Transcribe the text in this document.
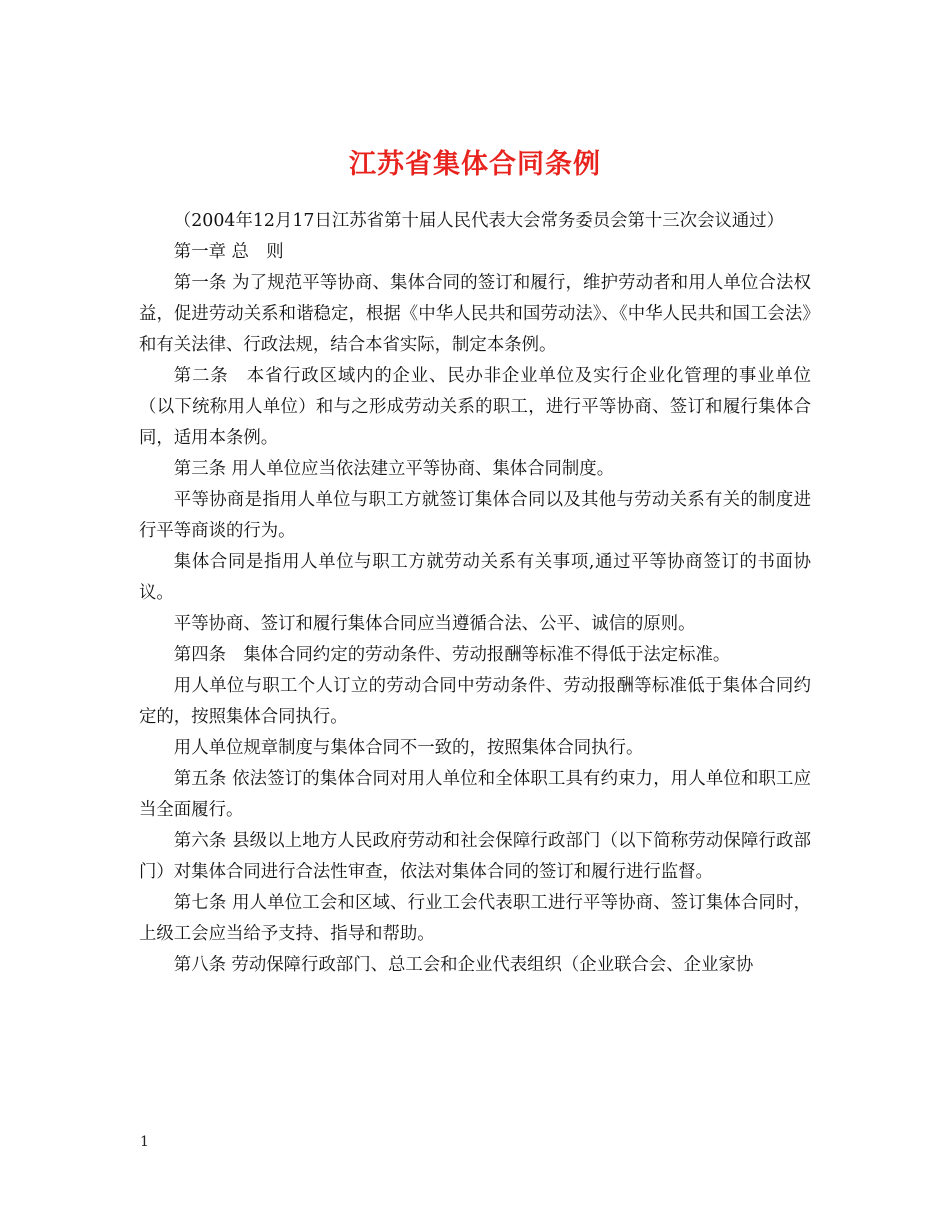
江苏省集体合同条例

（2004年12月17日江苏省第十届人民代表大会常务委员会第十三次会议通过）

第一章 总　则

第一条 为了规范平等协商、集体合同的签订和履行，维护劳动者和用人单位合法权益，促进劳动关系和谐稳定，根据《中华人民共和国劳动法》、《中华人民共和国工会法》和有关法律、行政法规，结合本省实际，制定本条例。

第二条　本省行政区域内的企业、民办非企业单位及实行企业化管理的事业单位（以下统称用人单位）和与之形成劳动关系的职工，进行平等协商、签订和履行集体合同，适用本条例。

第三条 用人单位应当依法建立平等协商、集体合同制度。

平等协商是指用人单位与职工方就签订集体合同以及其他与劳动关系有关的制度进行平等商谈的行为。

集体合同是指用人单位与职工方就劳动关系有关事项,通过平等协商签订的书面协议。

平等协商、签订和履行集体合同应当遵循合法、公平、诚信的原则。

第四条　集体合同约定的劳动条件、劳动报酬等标准不得低于法定标准。

用人单位与职工个人订立的劳动合同中劳动条件、劳动报酬等标准低于集体合同约定的，按照集体合同执行。

用人单位规章制度与集体合同不一致的，按照集体合同执行。

第五条 依法签订的集体合同对用人单位和全体职工具有约束力，用人单位和职工应当全面履行。

第六条 县级以上地方人民政府劳动和社会保障行政部门（以下简称劳动保障行政部门）对集体合同进行合法性审查，依法对集体合同的签订和履行进行监督。

第七条 用人单位工会和区域、行业工会代表职工进行平等协商、签订集体合同时，上级工会应当给予支持、指导和帮助。

第八条 劳动保障行政部门、总工会和企业代表组织（企业联合会、企业家协

1
